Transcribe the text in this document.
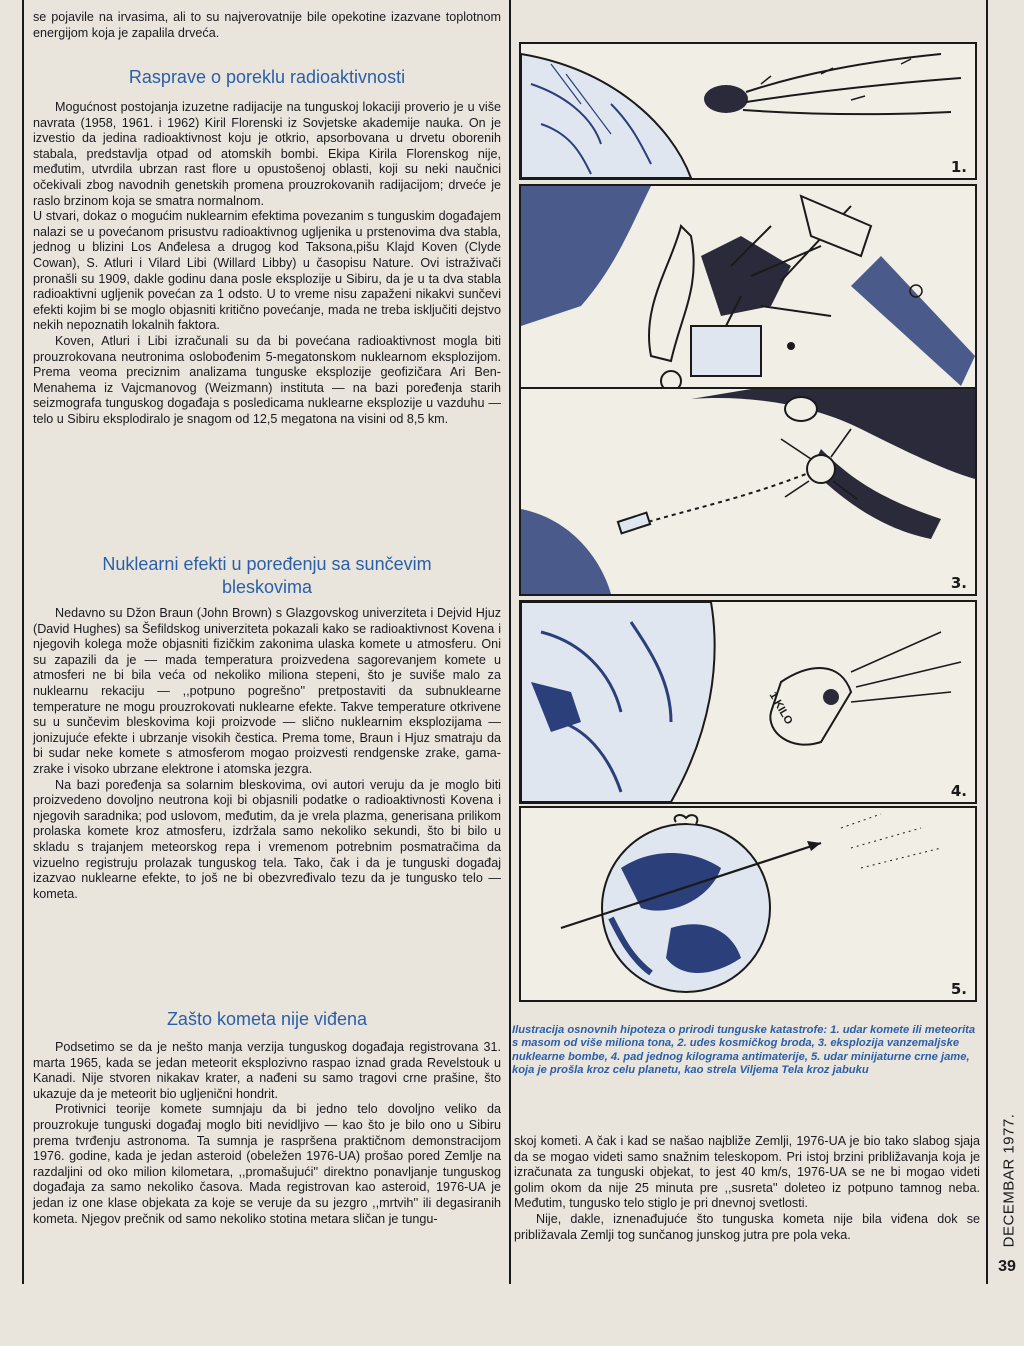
se pojavile na irvasima, ali to su najverovatnije bile opekotine izazvane toplotnom energijom koja je zapalila drveća.

Rasprave o poreklu radioaktivnosti

Mogućnost postojanja izuzetne radijacije na tunguskoj lokaciji proverio je u više navrata (1958, 1961. i 1962) Kiril Florenski iz Sovjetske akademije nauka. On je izvestio da jedina radioaktivnost koju je otkrio, apsorbovana u drvetu oborenih stabala, predstavlja otpad od atomskih bombi. Ekipa Kirila Florenskog nije, međutim, utvrdila ubrzan rast flore u opustošenoj oblasti, koji su neki naučnici očekivali zbog navodnih genetskih promena prouzrokovanih radijacijom; drveće je raslo brzinom koja se smatra normalnom.

U stvari, dokaz o mogućim nuklearnim efektima povezanim s tunguskim događajem nalazi se u povećanom prisustvu radioaktivnog ugljenika u prstenovima dva stabla, jednog u blizini Los Anđelesa a drugog kod Taksona,pišu Klajd Koven (Clyde Cowan), S. Atluri i Vilard Libi (Willard Libby) u časopisu Nature. Ovi istraživači pronašli su 1909, dakle godinu dana posle eksplozije u Sibiru, da je u ta dva stabla radioaktivni ugljenik povećan za 1 odsto. U to vreme nisu zapaženi nikakvi sunčevi efekti kojim bi se moglo objasniti kritično povećanje, mada ne treba isključiti dejstvo nekih nepoznatih lokalnih faktora.

Koven, Atluri i Libi izračunali su da bi povećana radioaktivnost mogla biti prouzrokovana neutronima oslobođenim 5-megatonskom nuklearnom eksplozijom. Prema veoma preciznim analizama tunguske eksplozije geofizičara Ari Ben-Menahema iz Vajcmanovog (Weizmann) instituta — na bazi poređenja starih seizmografa tunguskog događaja s posledicama nuklearne eksplozije u vazduhu — telo u Sibiru eksplodiralo je snagom od 12,5 megatona na visini od 8,5 km.

Nuklearni efekti u poređenju sa sunčevim bleskovima

Nedavno su Džon Braun (John Brown) s Glazgovskog univerziteta i Dejvid Hjuz (David Hughes) sa Šefildskog univerziteta pokazali kako se radioaktivnost Kovena i njegovih kolega može objasniti fizičkim zakonima ulaska komete u atmosferu. Oni su zapazili da je — mada temperatura proizvedena sagorevanjem komete u atmosferi ne bi bila veća od nekoliko miliona stepeni, što je suviše malo za nuklearnu rekaciju — ,,potpuno pogrešno'' pretpostaviti da subnuklearne temperature ne mogu prouzrokovati nuklearne efekte. Takve temperature otkrivene su u sunčevim bleskovima koji proizvode — slično nuklearnim eksplozijama — jonizujuće efekte i ubrzanje visokih čestica. Prema tome, Braun i Hjuz smatraju da bi sudar neke komete s atmosferom mogao proizvesti rendgenske zrake, gama-zrake i visoko ubrzane elektrone i atomska jezgra.

Na bazi poređenja sa solarnim bleskovima, ovi autori veruju da je moglo biti proizvedeno dovoljno neutrona koji bi objasnili podatke o radioaktivnosti Kovena i njegovih saradnika; pod uslovom, međutim, da je vrela plazma, generisana prilikom prolaska komete kroz atmosferu, izdržala samo nekoliko sekundi, što bi bilo u skladu s trajanjem meteorskog repa i vremenom potrebnim posmatračima da vizuelno registruju prolazak tunguskog tela. Tako, čak i da je tunguski događaj izazvao nuklearne efekte, to još ne bi obezvređivalo tezu da je tungusko telo — kometa.

Zašto kometa nije viđena

Podsetimo se da je nešto manja verzija tunguskog događaja registrovana 31. marta 1965, kada se jedan meteorit eksplozivno raspao iznad grada Revelstouk u Kanadi. Nije stvoren nikakav krater, a nađeni su samo tragovi crne prašine, što ukazuje da je meteorit bio ugljenični hondrit.

Protivnici teorije komete sumnjaju da bi jedno telo dovoljno veliko da prouzrokuje tunguski događaj moglo biti nevidljivo — kao što je bilo ono u Sibiru prema tvrđenju astronoma. Ta sumnja je raspršena praktičnom demonstracijom 1976. godine, kada je jedan asteroid (obeležen 1976-UA) prošao pored Zemlje na razdaljini od oko milion kilometara, ,,promašujući'' direktno ponavljanje tunguskog događaja za samo nekoliko časova. Mada registrovan kao asteroid, 1976-UA je jedan iz one klase objekata za koje se veruje da su jezgro ,,mrtvih'' ili degasiranih kometa. Njegov prečnik od samo nekoliko stotina metara sličan je tungu-

1.
3.
1 KILO
4.
5.
Ilustracija osnovnih hipoteza o prirodi tunguske katastrofe: 1. udar komete ili meteorita s masom od više miliona tona, 2. udes kosmičkog broda, 3. eksplozija vanzemaljske nuklearne bombe, 4. pad jednog kilograma antimaterije, 5. udar minijaturne crne jame, koja je prošla kroz celu planetu, kao strela Viljema Tela kroz jabuku

skoj kometi. A čak i kad se našao najbliže Zemlji, 1976-UA je bio tako slabog sjaja da se mogao videti samo snažnim teleskopom. Pri istoj brzini približavanja koja je izračunata za tunguski objekat, to jest 40 km/s, 1976-UA se ne bi mogao videti golim okom da nije 25 minuta pre ,,susreta'' doleteo iz potpuno tamnog neba. Međutim, tungusko telo stiglo je pri dnevnoj svetlosti.

Nije, dakle, iznenađujuće što tunguska kometa nije bila viđena dok se približavala Zemlji tog sunčanog junskog jutra pre pola veka.	DECEMBAR 1977.
39
